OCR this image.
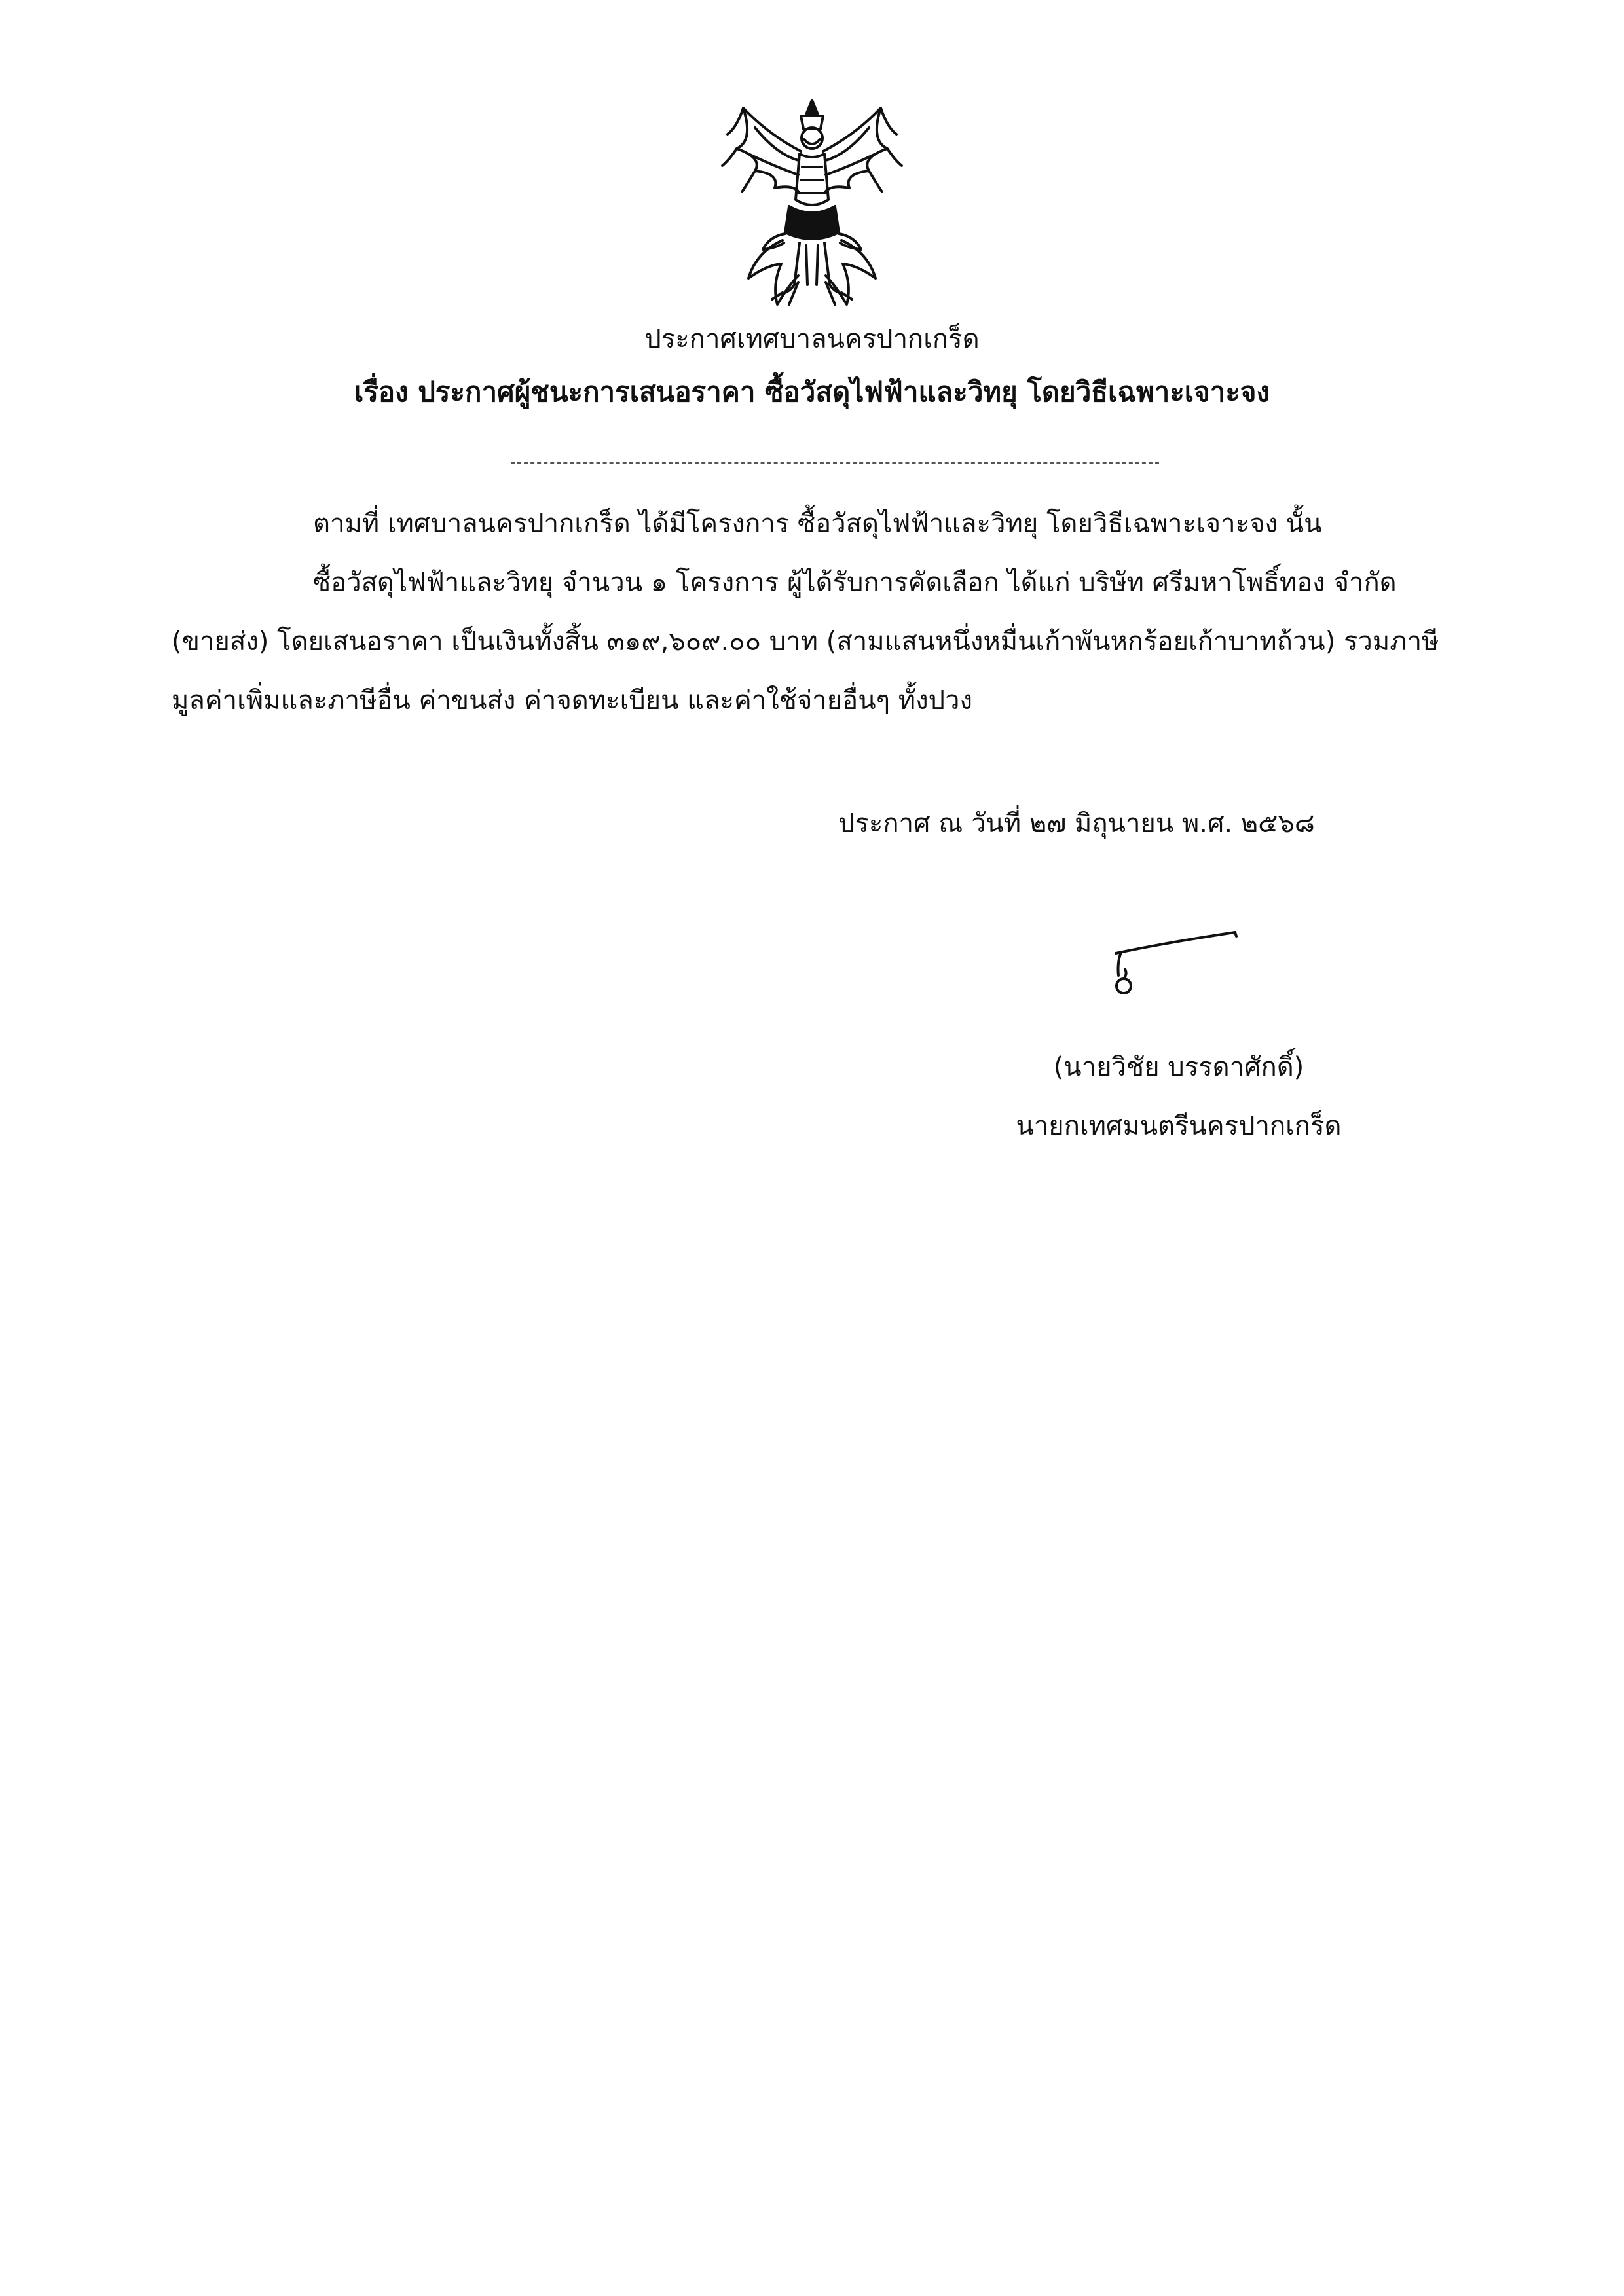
ประกาศเทศบาลนครปากเกร็ด
เรื่อง ประกาศผู้ชนะการเสนอราคา ซื้อวัสดุไฟฟ้าและวิทยุ โดยวิธีเฉพาะเจาะจง
ตามที่ เทศบาลนครปากเกร็ด ได้มีโครงการ ซื้อวัสดุไฟฟ้าและวิทยุ โดยวิธีเฉพาะเจาะจง นั้น
ซื้อวัสดุไฟฟ้าและวิทยุ จำนวน ๑ โครงการ ผู้ได้รับการคัดเลือก ได้แก่ บริษัท ศรีมหาโพธิ์ทอง จำกัด
(ขายส่ง) โดยเสนอราคา เป็นเงินทั้งสิ้น ๓๑๙,๖๐๙.๐๐ บาท (สามแสนหนึ่งหมื่นเก้าพันหกร้อยเก้าบาทถ้วน) รวมภาษี
มูลค่าเพิ่มและภาษีอื่น ค่าขนส่ง ค่าจดทะเบียน และค่าใช้จ่ายอื่นๆ ทั้งปวง
ประกาศ ณ วันที่ ๒๗ มิถุนายน พ.ศ. ๒๕๖๘
(นายวิชัย บรรดาศักดิ์)
นายกเทศมนตรีนครปากเกร็ด
